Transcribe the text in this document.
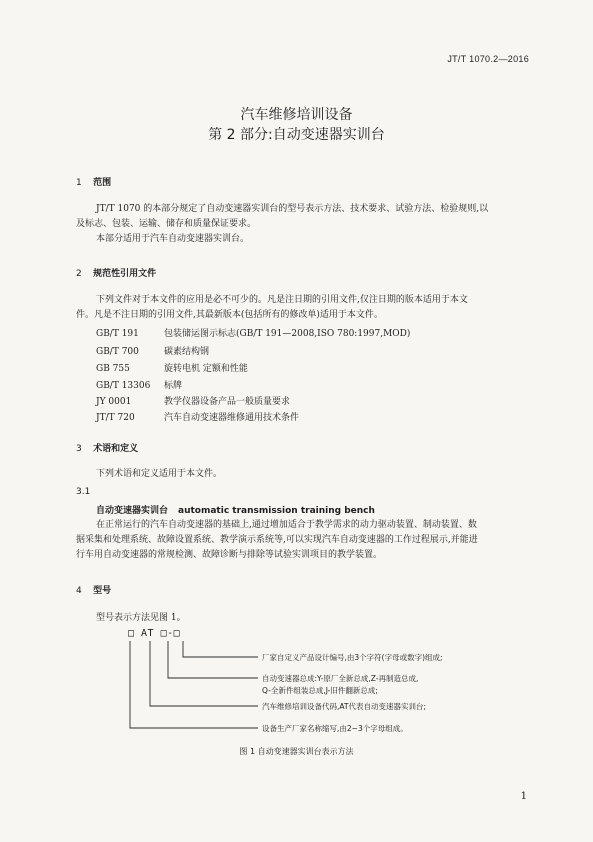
JT/T 1070.2—2016
汽车维修培训设备
第 2 部分:自动变速器实训台
1 范围
JT/T 1070 的本部分规定了自动变速器实训台的型号表示方法、技术要求、试验方法、检验规则,以
及标志、包装、运输、储存和质量保证要求。
本部分适用于汽车自动变速器实训台。
2 规范性引用文件
下列文件对于本文件的应用是必不可少的。凡是注日期的引用文件,仅注日期的版本适用于本文
件。凡是不注日期的引用文件,其最新版本(包括所有的修改单)适用于本文件。
GB/T 191	包装储运图示标志(GB/T 191—2008,ISO 780:1997,MOD)
GB/T 700	碳素结构钢
GB 755	旋转电机 定额和性能
GB/T 13306 标牌
JY 0001	教学仪器设备产品一般质量要求
JT/T 720	汽车自动变速器维修通用技术条件
3 术语和定义
下列术语和定义适用于本文件。
3.1
自动变速器实训台 automatic transmission training bench
在正常运行的汽车自动变速器的基础上,通过增加适合于教学需求的动力驱动装置、制动装置、数
据采集和处理系统、故障设置系统、教学演示系统等,可以实现汽车自动变速器的工作过程展示,并能进
行车用自动变速器的常规检测、故障诊断与排除等试验实训项目的教学装置。
4 型号
型号表示方法见图 1。
□ AT □-□
厂家自定义产品设计编号,由3个字符(字母或数字)组成;
自动变速器总成:Y-原厂全新总成,Z-再制造总成,
Q-全新件组装总成,J-旧件翻新总成;
汽车维修培训设备代码,AT代表自动变速器实训台;
设备生产厂家名称缩写,由2~3个字母组成。
图 1 自动变速器实训台表示方法
1
